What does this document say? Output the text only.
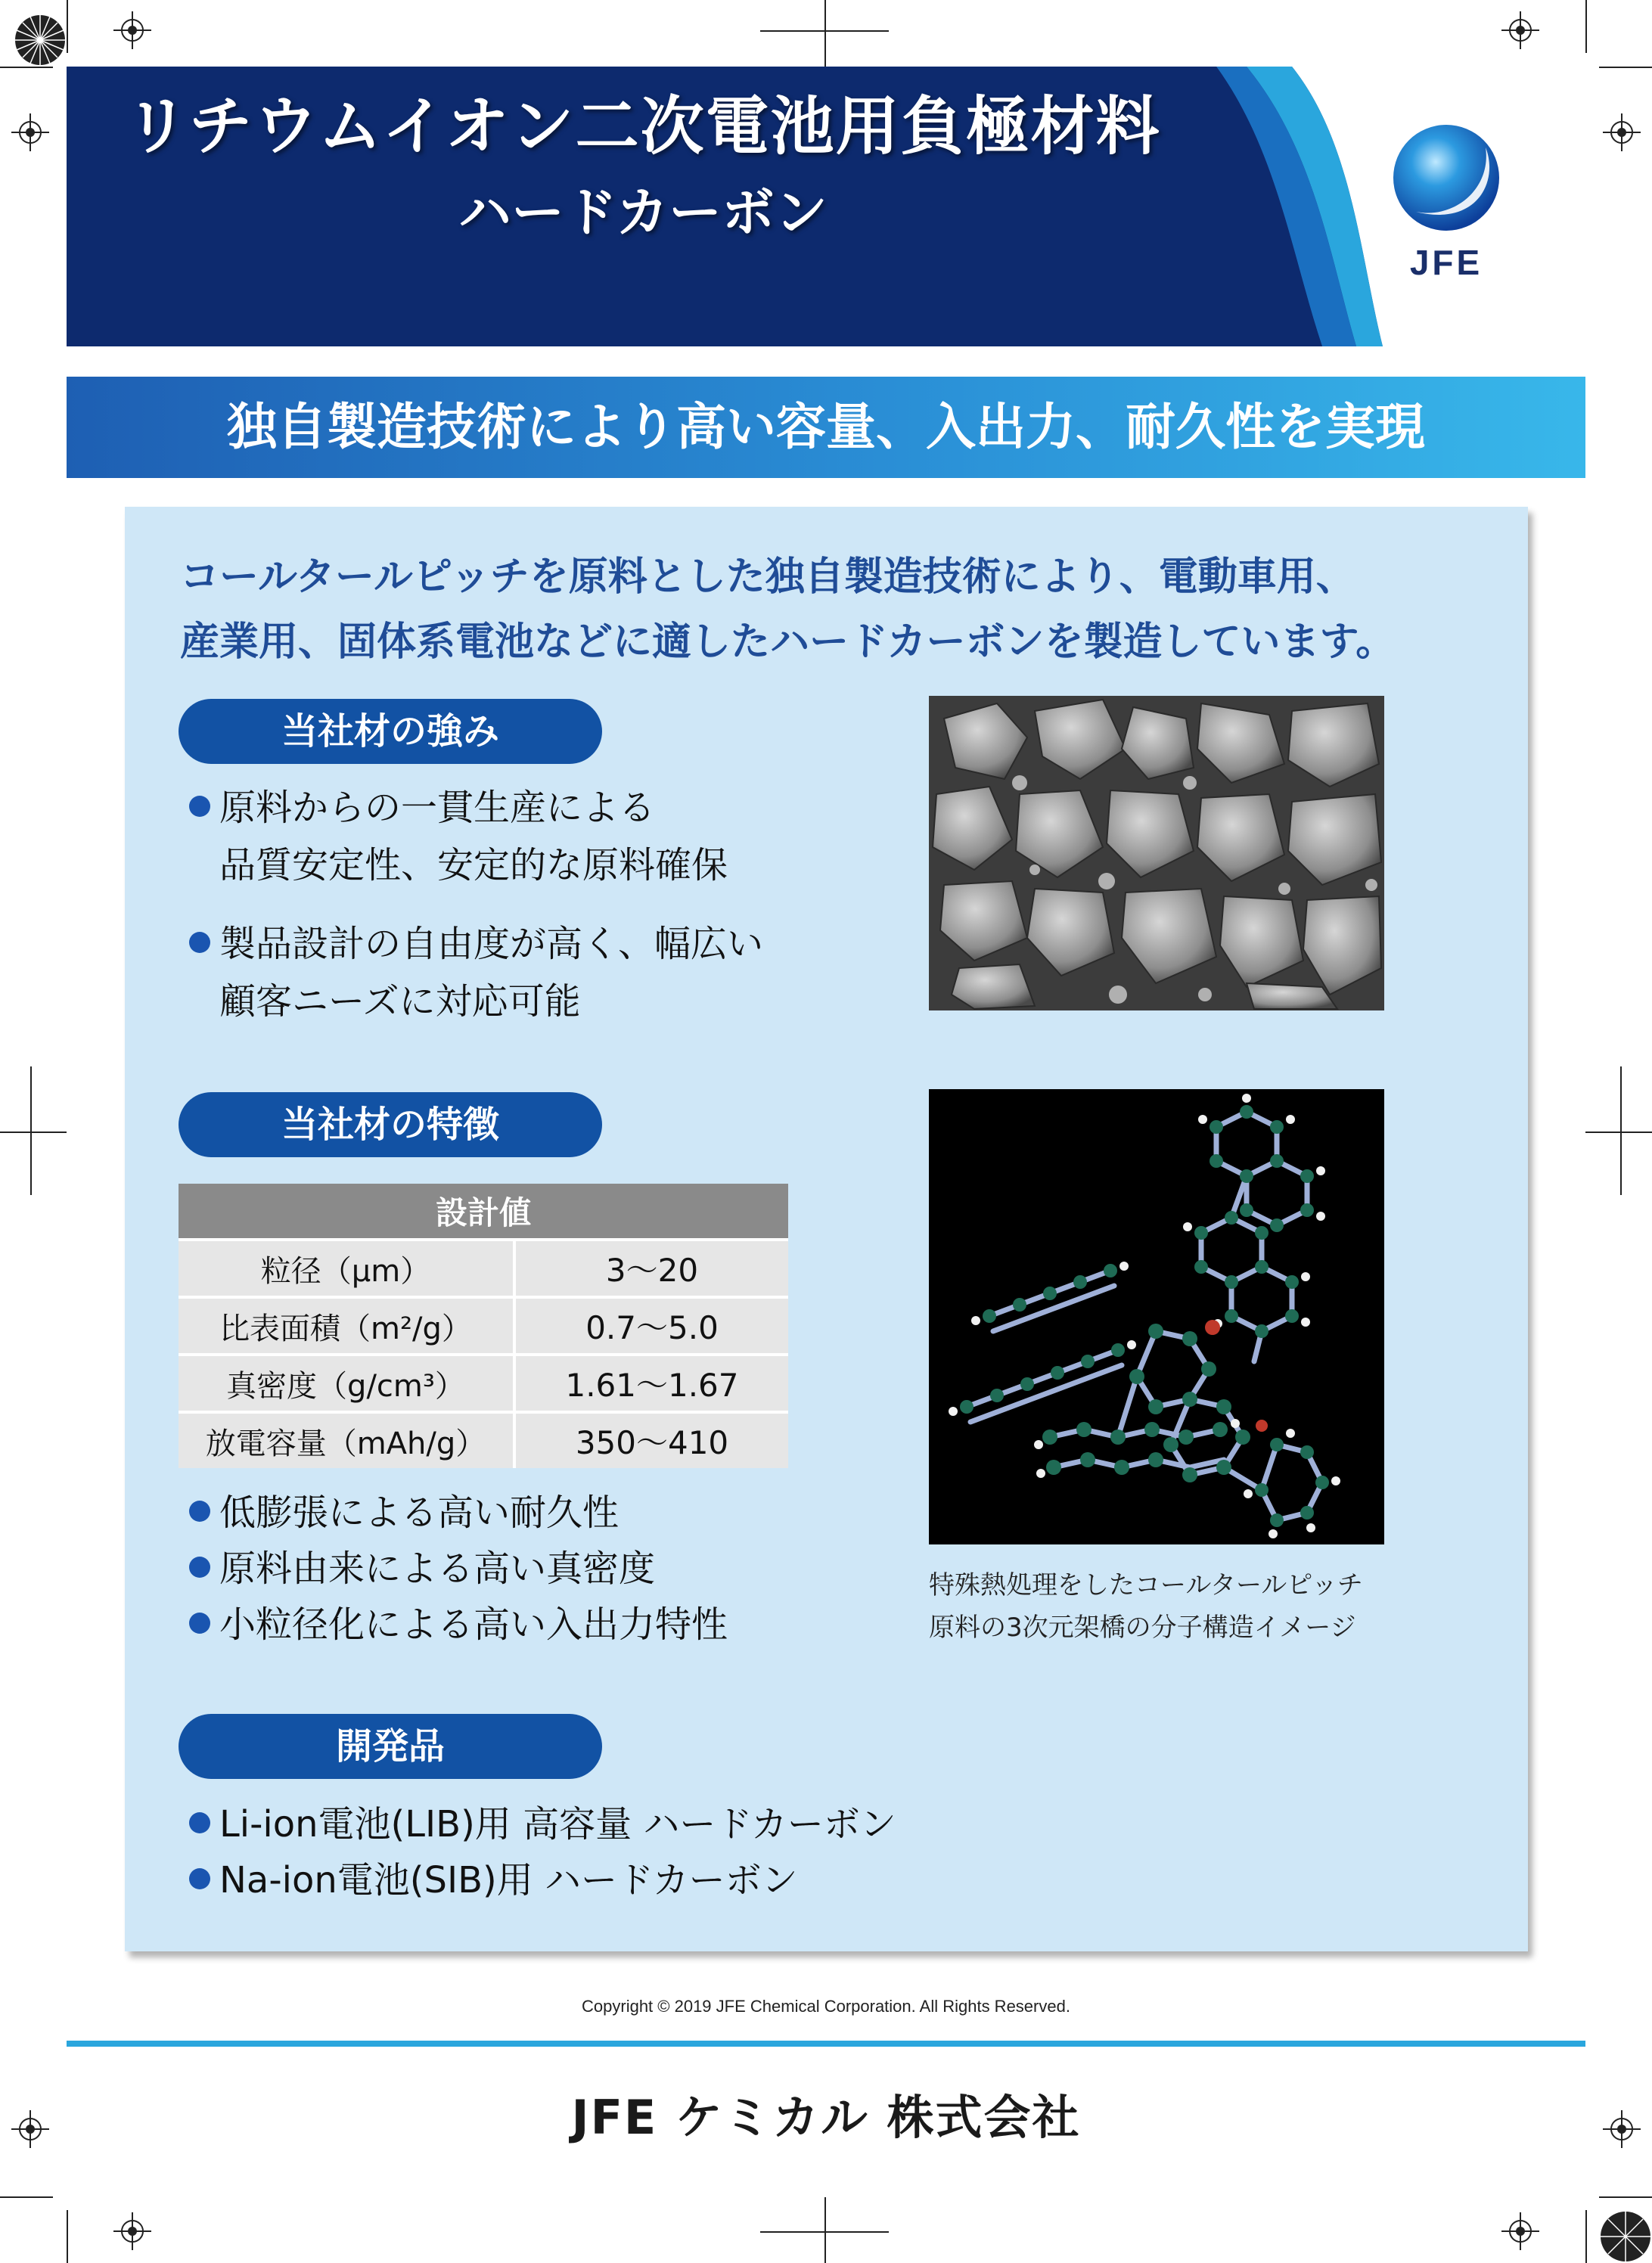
リチウムイオン二次電池用負極材料
ハードカーボン
JFE
独自製造技術により高い容量、入出力、耐久性を実現
コールタールピッチを原料とした独自製造技術により、電動車用、
産業用、固体系電池などに適したハードカーボンを製造しています。
当社材の強み
原料からの一貫生産による
品質安定性、安定的な原料確保
製品設計の自由度が高く、幅広い
顧客ニーズに対応可能
当社材の特徴
設計値	
粒径（μm）	3～20
比表面積（m²/g）	0.7～5.0
真密度（g/cm³）	1.61～1.67
放電容量（mAh/g）	350～410
低膨張による高い耐久性
原料由来による高い真密度
小粒径化による高い入出力特性
特殊熱処理をしたコールタールピッチ
原料の3次元架橋の分子構造イメージ
開発品
Li-ion電池(LIB)用 高容量 ハードカーボン
Na-ion電池(SIB)用 ハードカーボン
Copyright © 2019 JFE Chemical Corporation. All Rights Reserved.
JFE ケミカル 株式会社
